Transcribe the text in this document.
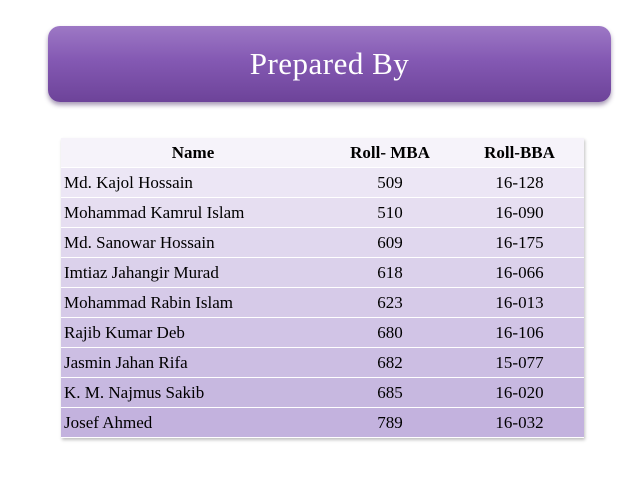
Prepared By
Name	Roll- MBA	Roll-BBA
Md. Kajol Hossain	509	16-128
Mohammad Kamrul Islam	510	16-090
Md. Sanowar Hossain	609	16-175
Imtiaz Jahangir Murad	618	16-066
Mohammad Rabin Islam	623	16-013
Rajib Kumar Deb	680	16-106
Jasmin Jahan Rifa	682	15-077
K. M. Najmus Sakib	685	16-020
Josef Ahmed	789	16-032
